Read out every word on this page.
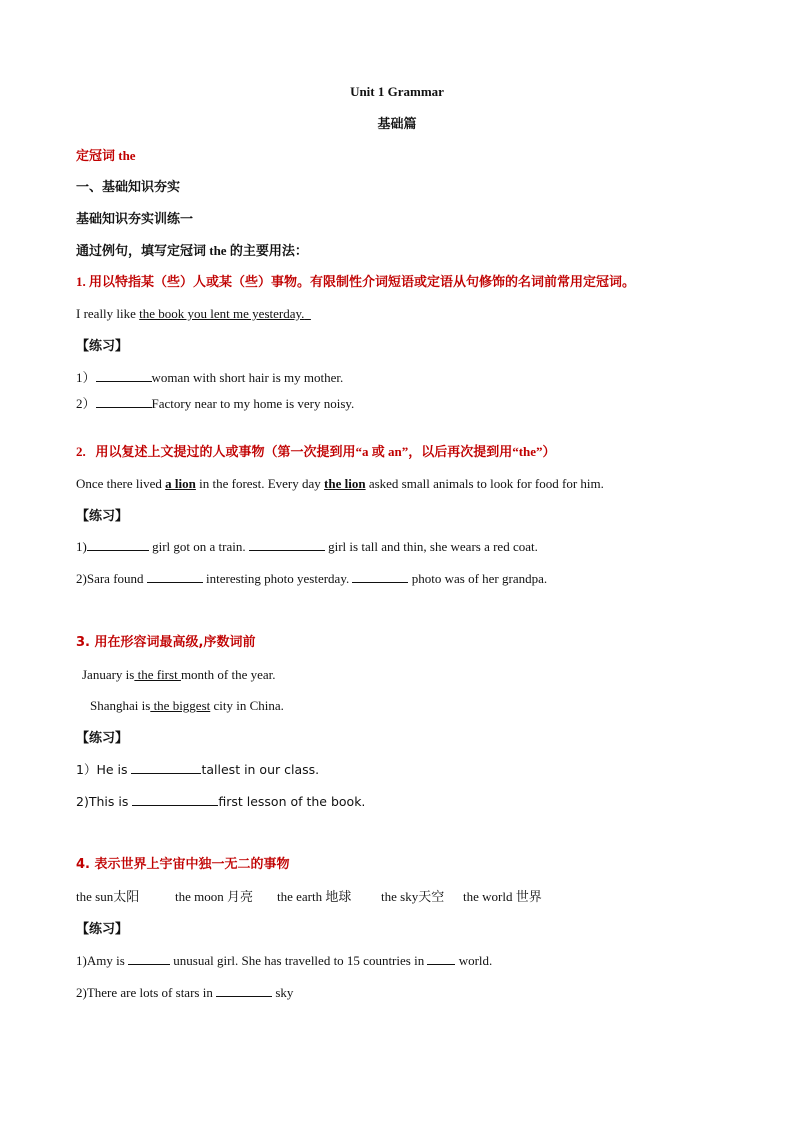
Unit 1 Grammar
基础篇
定冠词 the
一、基础知识夯实
基础知识夯实训练一
通过例句，填写定冠词 the 的主要用法：
1. 用以特指某（些）人或某（些）事物。有限制性介词短语或定语从句修饰的名词前常用定冠词。
I really like the book you lent me yesterday.
【练习】
1）	woman with short hair is my mother.
2）	Factory near to my home is very noisy.
2. 用以复述上文提过的人或事物（第一次提到用“a 或 an”，以后再次提到用“the”）
Once there lived a lion in the forest. Every day the lion asked small animals to look for food for him.
【练习】
1)	girl got on a train.	girl is tall and thin, she wears a red coat.
2)Sara found	interesting photo yesterday.	photo was of her grandpa.
3. 用在形容词最高级,序数词前
January is the first month of the year.
Shanghai is the biggest city in China.
【练习】
1）He is	tallest in our class.
2)This is	first lesson of the book.
4. 表示世界上宇宙中独一无二的事物
the sun太阳	the moon 月亮 the earth 地球 the sky天空 the world 世界
【练习】
1)Amy is	unusual girl. She has travelled to 15 countries in  world.
2)There are lots of stars in	sky
